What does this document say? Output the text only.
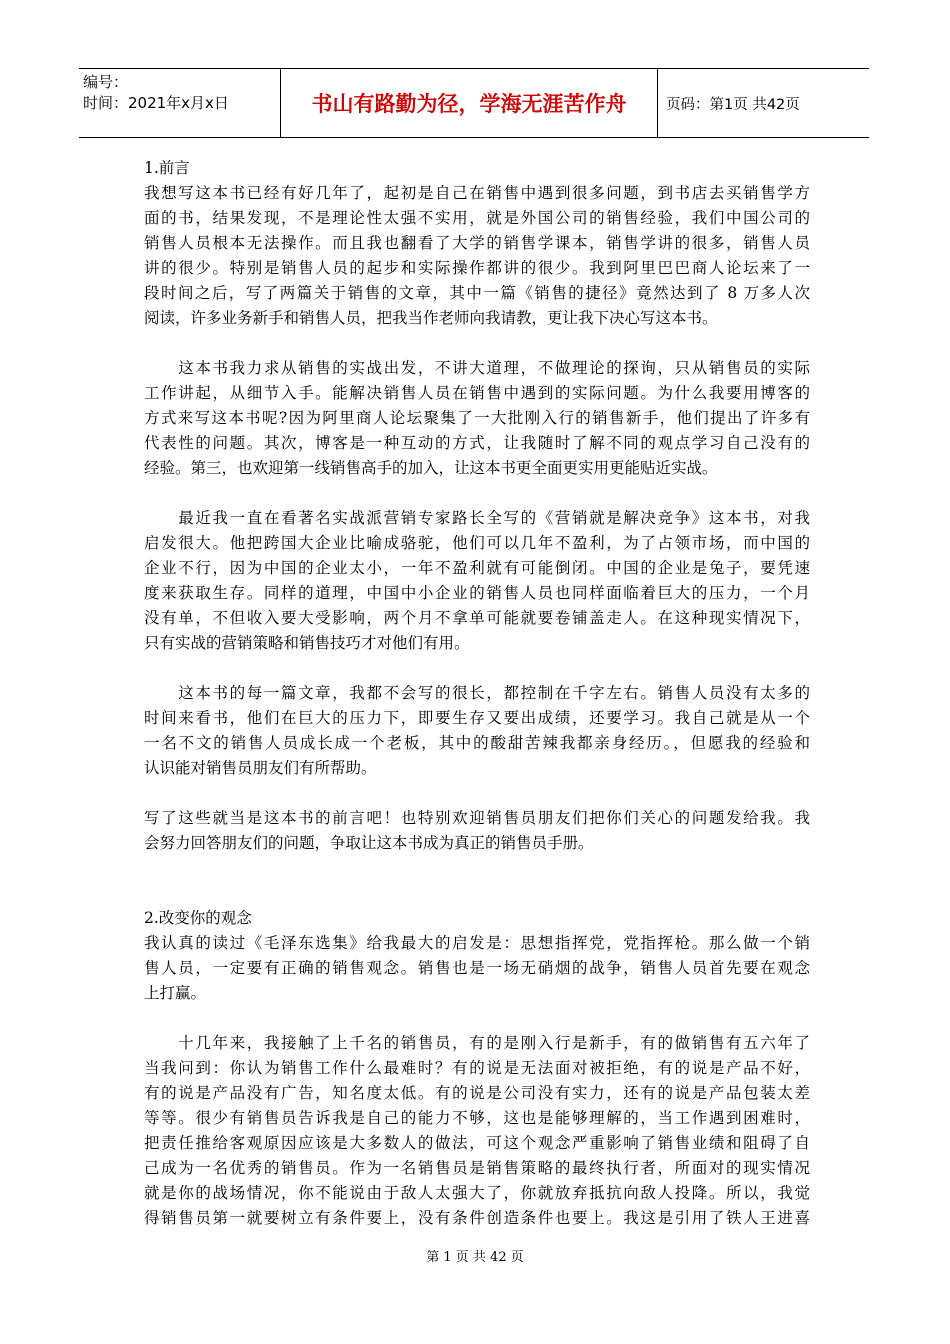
编号：
时间：2021年x月x日	书山有路勤为径，学海无涯苦作舟	页码：第1页 共42页
1.前言
我想写这本书已经有好几年了，起初是自己在销售中遇到很多问题，到书店去买销售学方
面的书，结果发现，不是理论性太强不实用，就是外国公司的销售经验，我们中国公司的
销售人员根本无法操作。而且我也翻看了大学的销售学课本，销售学讲的很多，销售人员
讲的很少。特别是销售人员的起步和实际操作都讲的很少。我到阿里巴巴商人论坛来了一
段时间之后，写了两篇关于销售的文章，其中一篇《销售的捷径》竟然达到了 8 万多人次
阅读，许多业务新手和销售人员，把我当作老师向我请教，更让我下决心写这本书。
　　这本书我力求从销售的实战出发，不讲大道理，不做理论的探询，只从销售员的实际
工作讲起，从细节入手。能解决销售人员在销售中遇到的实际问题。为什么我要用博客的
方式来写这本书呢?因为阿里商人论坛聚集了一大批刚入行的销售新手，他们提出了许多有
代表性的问题。其次，博客是一种互动的方式，让我随时了解不同的观点学习自己没有的
经验。第三，也欢迎第一线销售高手的加入，让这本书更全面更实用更能贴近实战。
　　最近我一直在看著名实战派营销专家路长全写的《营销就是解决竞争》这本书，对我
启发很大。他把跨国大企业比喻成骆驼，他们可以几年不盈利，为了占领市场，而中国的
企业不行，因为中国的企业太小，一年不盈利就有可能倒闭。中国的企业是兔子，要凭速
度来获取生存。同样的道理，中国中小企业的销售人员也同样面临着巨大的压力，一个月
没有单，不但收入要大受影响，两个月不拿单可能就要卷铺盖走人。在这种现实情况下，
只有实战的营销策略和销售技巧才对他们有用。
　　这本书的每一篇文章，我都不会写的很长，都控制在千字左右。销售人员没有太多的
时间来看书，他们在巨大的压力下，即要生存又要出成绩，还要学习。我自己就是从一个
一名不文的销售人员成长成一个老板，其中的酸甜苦辣我都亲身经历。，但愿我的经验和
认识能对销售员朋友们有所帮助。
写了这些就当是这本书的前言吧！也特别欢迎销售员朋友们把你们关心的问题发给我。我
会努力回答朋友们的问题，争取让这本书成为真正的销售员手册。
2.改变你的观念
我认真的读过《毛泽东选集》给我最大的启发是：思想指挥党，党指挥枪。那么做一个销
售人员，一定要有正确的销售观念。销售也是一场无硝烟的战争，销售人员首先要在观念
上打赢。
　　十几年来，我接触了上千名的销售员，有的是刚入行是新手，有的做销售有五六年了
当我问到：你认为销售工作什么最难时？有的说是无法面对被拒绝，有的说是产品不好，
有的说是产品没有广告，知名度太低。有的说是公司没有实力，还有的说是产品包装太差
等等。很少有销售员告诉我是自己的能力不够，这也是能够理解的，当工作遇到困难时，
把责任推给客观原因应该是大多数人的做法，可这个观念严重影响了销售业绩和阻碍了自
己成为一名优秀的销售员。作为一名销售员是销售策略的最终执行者，所面对的现实情况
就是你的战场情况，你不能说由于敌人太强大了，你就放弃抵抗向敌人投降。所以，我觉
得销售员第一就要树立有条件要上，没有条件创造条件也要上。我这是引用了铁人王进喜
第 1 页 共 42 页
